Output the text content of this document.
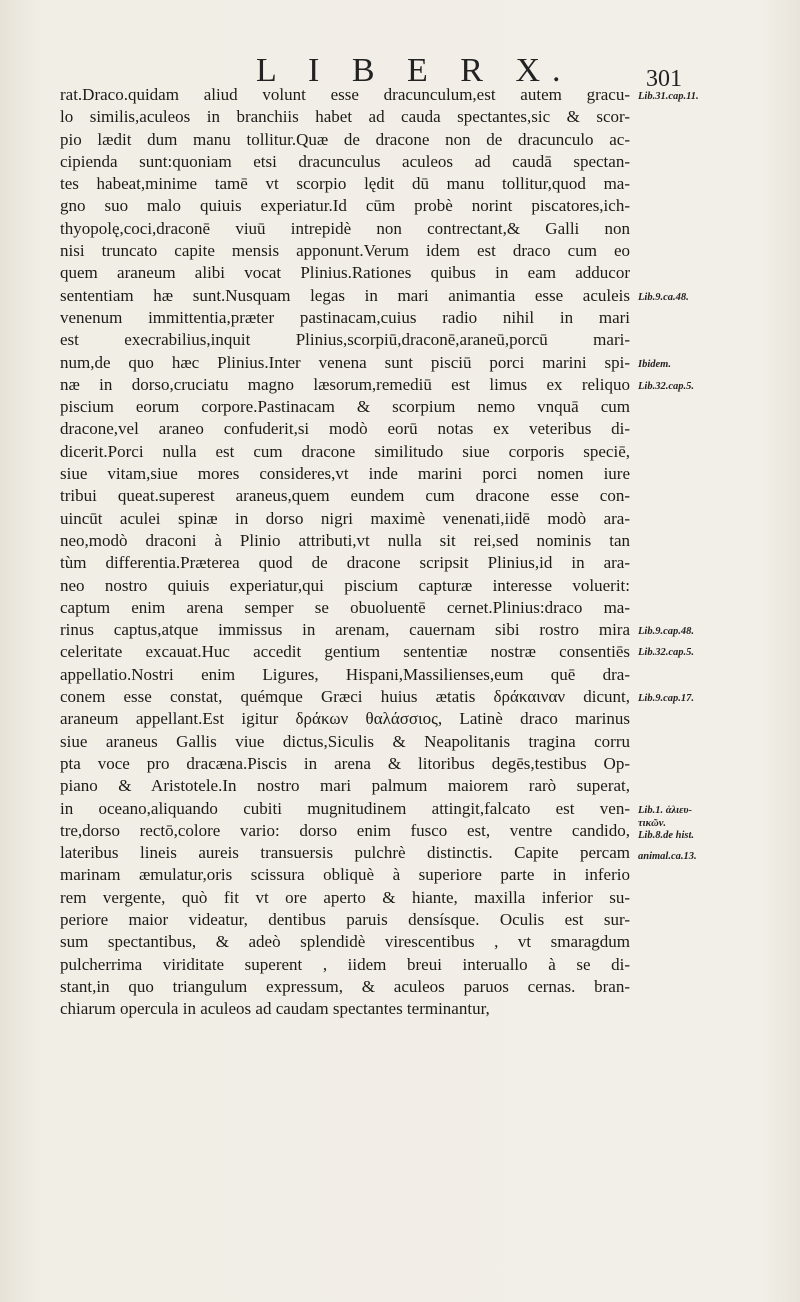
L I B E R X.	301
rat.Draco.quidam aliud volunt esse dracunculum,est autem gracu-
lo similis,aculeos in branchiis habet ad cauda spectantes,sic & scor-
pio lædit dum manu tollitur.Quæ de dracone non de dracunculo ac-
cipienda sunt:quoniam etsi dracunculus aculeos ad caudā spectan-
tes habeat,minime tamē vt scorpio lędit dū manu tollitur,quod ma-
gno suo malo quiuis experiatur.Id cūm probè norint piscatores,ich-
thyopolę,coci,draconē viuū intrepidè non contrectant,& Galli non
nisi truncato capite mensis apponunt.Verum idem est draco cum eo
quem araneum alibi vocat Plinius.Rationes quibus in eam adducor
sententiam hæ sunt.Nusquam legas in mari animantia esse aculeis
venenum immittentia,præter pastinacam,cuius radio nihil in mari
est execrabilius,inquit Plinius,scorpiū,draconē,araneū,porcū mari-
num,de quo hæc Plinius.Inter venena sunt pisciū porci marini spi-
næ in dorso,cruciatu magno læsorum,remediū est limus ex reliquo
piscium eorum corpore.Pastinacam & scorpium nemo vnquā cum
dracone,vel araneo confuderit,si modò eorū notas ex veteribus di-
dicerit.Porci nulla est cum dracone similitudo siue corporis speciē,
siue vitam,siue mores consideres,vt inde marini porci nomen iure
tribui queat.superest araneus,quem eundem cum dracone esse con-
uincūt aculei spinæ in dorso nigri maximè venenati,iidē modò ara-
neo,modò draconi à Plinio attributi,vt nulla sit rei,sed nominis tan
tùm differentia.Præterea quod de dracone scripsit Plinius,id in ara-
neo nostro quiuis experiatur,qui piscium capturæ interesse voluerit:
captum enim arena semper se obuoluentē cernet.Plinius:draco ma-
rinus captus,atque immissus in arenam, cauernam sibi rostro mira
celeritate excauat.Huc accedit gentium sententiæ nostræ consentiēs
appellatio.Nostri enim Ligures, Hispani,Massilienses,eum quē dra-
conem esse constat, quémque Græci huius ætatis δράκαιναν dicunt,
araneum appellant.Est igitur δράκων θαλάσσιος, Latinè draco marinus
siue araneus Gallis viue dictus,Siculis & Neapolitanis tragina corru
pta voce pro dracæna.Piscis in arena & litoribus degēs,testibus Op-
piano & Aristotele.In nostro mari palmum maiorem rarò superat,
in oceano,aliquando cubiti mugnitudinem attingit,falcato est ven-
tre,dorso rectō,colore vario: dorso enim fusco est, ventre candido,
lateribus lineis aureis transuersis pulchrè distinctis. Capite percam
marinam æmulatur,oris scissura obliquè à superiore parte in inferio
rem vergente, quò fit vt ore aperto & hiante, maxilla inferior su-
periore maior videatur, dentibus paruis densísque. Oculis est sur-
sum spectantibus, & adeò splendidè virescentibus , vt smaragdum
pulcherrima viriditate superent , iidem breui interuallo à se di-
stant,in quo triangulum expressum, & aculeos paruos cernas. bran-
chiarum opercula in aculeos ad caudam spectantes terminantur,
Lib.31.cap.11.
Lib.9.ca.48.
Ibidem.
Lib.32.cap.5.
Lib.9.cap.48.
Lib.32.cap.5.
Lib.9.cap.17.
Lib.1. ἁλιευ-
τικῶν.
Lib.8.de hist.
animal.ca.13.
